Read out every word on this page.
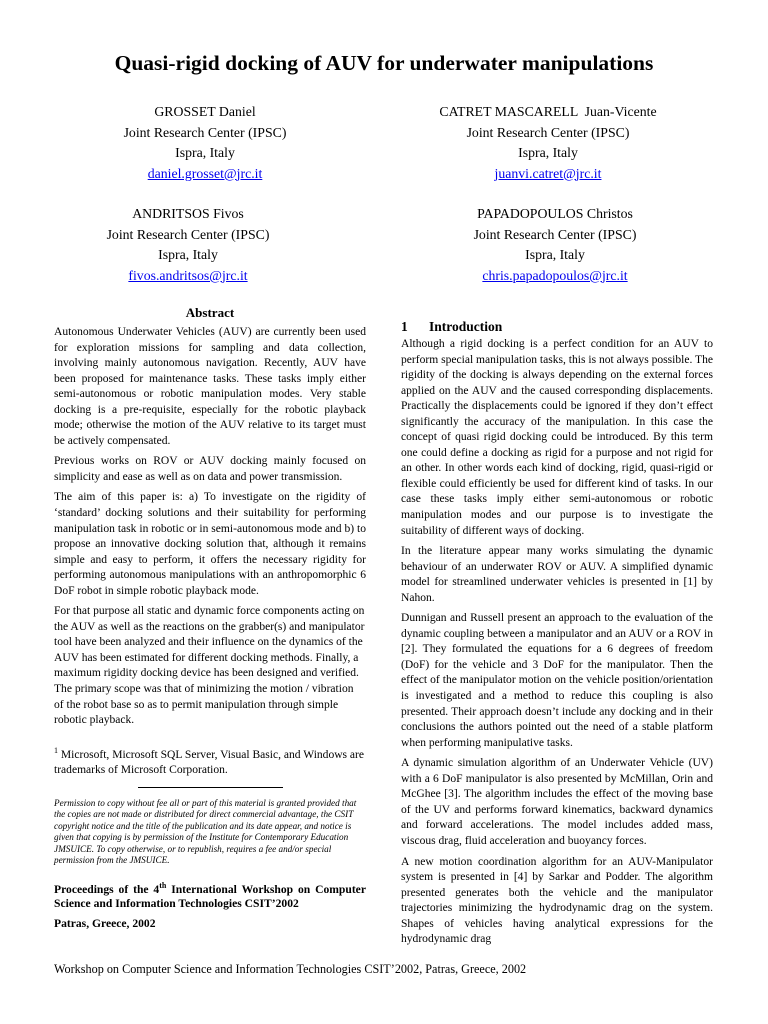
Quasi-rigid docking of AUV for underwater manipulations
GROSSET Daniel
Joint Research Center (IPSC)
Ispra, Italy
daniel.grosset@jrc.it
CATRET MASCARELL  Juan-Vicente
Joint Research Center (IPSC)
Ispra, Italy
juanvi.catret@jrc.it
ANDRITSOS Fivos
Joint Research Center (IPSC)
Ispra, Italy
fivos.andritsos@jrc.it
PAPADOPOULOS Christos
Joint Research Center (IPSC)
Ispra, Italy
chris.papadopoulos@jrc.it
Abstract

Autonomous Underwater Vehicles (AUV) are currently been used for exploration missions for sampling and data collection, involving mainly autonomous navigation. Recently, AUV have been proposed for maintenance tasks. These tasks imply either semi-autonomous or robotic manipulation modes. Very stable docking is a pre-requisite, especially for the robotic playback mode; otherwise the motion of the AUV relative to its target must be actively compensated.

Previous works on ROV or AUV docking mainly focused on simplicity and ease as well as on data and power transmission.

The aim of this paper is: a) To investigate on the rigidity of ‘standard’ docking solutions and their suitability for performing manipulation task in robotic or in semi-autonomous mode and b) to propose an innovative docking solution that, although it remains simple and easy to perform, it offers the necessary rigidity for performing autonomous manipulations with an anthropomorphic 6 DoF robot in simple robotic playback mode.

For that purpose all static and dynamic force components acting on the AUV as well as the reactions on the grabber(s) and manipulator tool have been analyzed and their influence on the dynamics of the AUV has been estimated for different docking methods. Finally, a maximum rigidity docking device has been designed and verified. The primary scope was that of minimizing the motion / vibration of the robot base so as to permit manipulation through simple robotic playback.

$^1$ Microsoft, Microsoft SQL Server, Visual Basic, and Windows are trademarks of Microsoft Corporation.

Permission to copy without fee all or part of this material is granted provided that the copies are not made or distributed for direct commercial advantage, the CSIT copyright notice and the title of the publication and its date appear, and notice is given that copying is by permission of the Institute for Contemporary Education JMSUICE. To copy otherwise, or to republish, requires a fee and/or special permission from the JMSUICE.

Proceedings of the 4th International Workshop on Computer Science and Information Technologies CSIT’2002

Patras, Greece, 2002

1 Introduction

Although a rigid docking is a perfect condition for an AUV to perform special manipulation tasks, this is not always possible. The rigidity of the docking is always depending on the external forces applied on the AUV and the caused corresponding displacements. Practically the displacements could be ignored if they don’t effect significantly the accuracy of the manipulation. In this case the concept of quasi rigid docking could be introduced. By this term one could define a docking as rigid for a purpose and not rigid for an other. In other words each kind of docking, rigid, quasi-rigid or flexible could efficiently be used for different kind of tasks. In our case these tasks imply either semi-autonomous or robotic manipulation modes and our purpose is to investigate the suitability of different ways of docking.

In the literature appear many works simulating the dynamic behaviour of an underwater ROV or AUV. A simplified dynamic model for streamlined underwater vehicles is presented in [1] by Nahon.

Dunnigan and Russell present an approach to the evaluation of the dynamic coupling between a manipulator and an AUV or a ROV in [2]. They formulated the equations for a 6 degrees of freedom (DoF) for the vehicle and 3 DoF for the manipulator. Then the effect of the manipulator motion on the vehicle position/orientation is investigated and a method to reduce this coupling is also presented. Their approach doesn’t include any docking and in their conclusions the authors pointed out the need of a stable platform when performing manipulative tasks.

A dynamic simulation algorithm of an Underwater Vehicle (UV) with a 6 DoF manipulator is also presented by McMillan, Orin and McGhee [3]. The algorithm includes the effect of the moving base of the UV and performs forward kinematics, backward dynamics and forward accelerations. The model includes added mass, viscous drag, fluid acceleration and buoyancy forces.

A new motion coordination algorithm for an AUV-Manipulator system is presented in [4] by Sarkar and Podder. The algorithm presented generates both the vehicle and the manipulator trajectories minimizing the hydrodynamic drag on the system. Shapes of vehicles having analytical expressions for the hydrodynamic drag

Workshop on Computer Science and Information Technologies CSIT’2002, Patras, Greece, 2002
